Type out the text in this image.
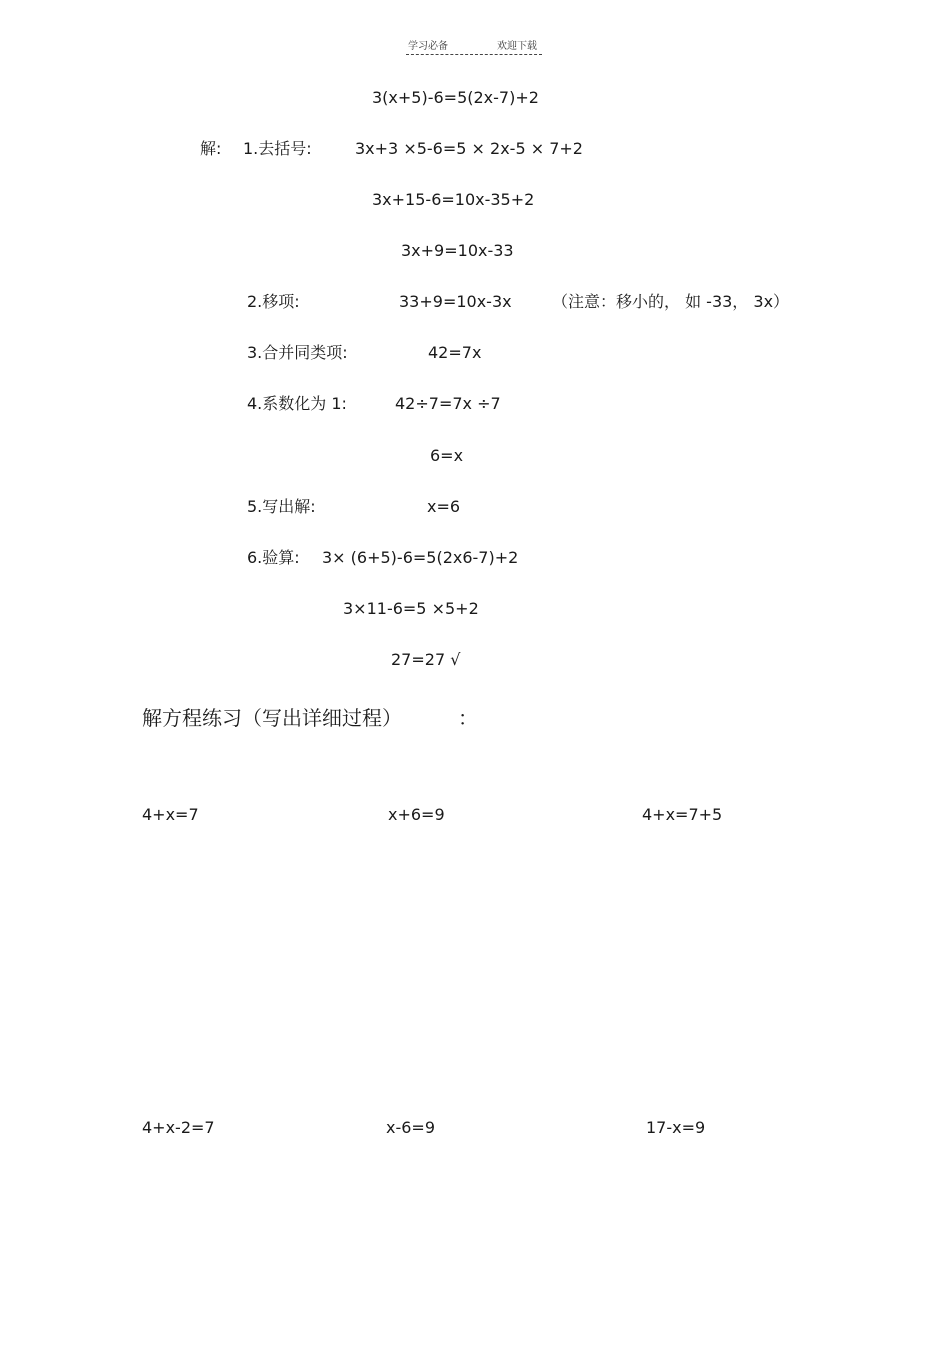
学习必备	欢迎下载
3(x+5)-6=5(2x-7)+2
解: 1.去括号:	3x+3 ×5-6=5 × 2x-5 × 7+2
3x+15-6=10x-35+2
3x+9=10x-33
2.移项:	33+9=10x-3x	（注意：移小的， 如 -33， 3x）
3.合并同类项:	42=7x
4.系数化为 1:	42÷7=7x ÷7
6=x
5.写出解:	x=6
6.验算: 3× (6+5)-6=5(2x6-7)+2
3×11-6=5 ×5+2
27=27 √
解方程练习（写出详细过程）	：
4+x=7	x+6=9	4+x=7+5
4+x-2=7	x-6=9	17-x=9
